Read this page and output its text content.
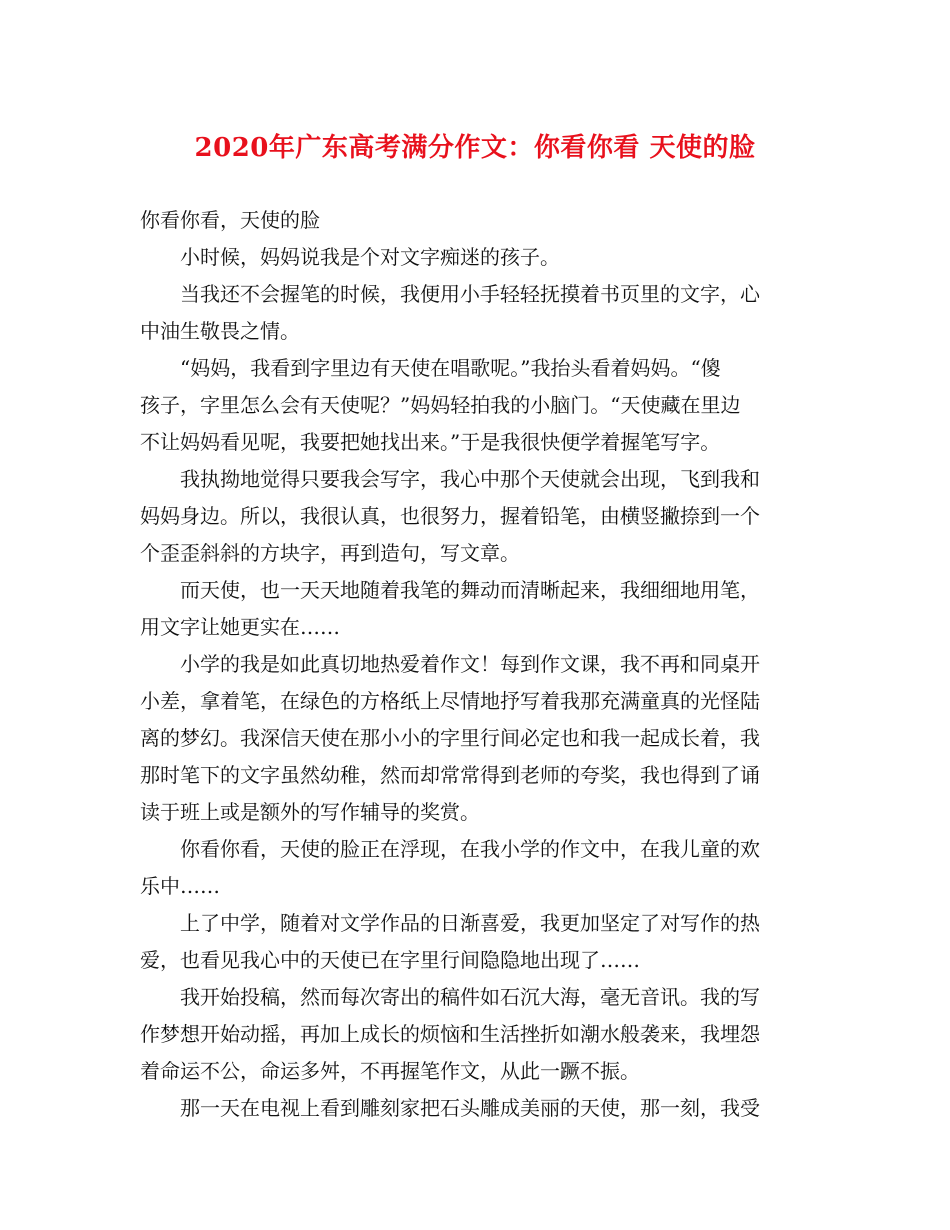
2020年广东高考满分作文：你看你看 天使的脸
你看你看，天使的脸
小时候，妈妈说我是个对文字痴迷的孩子。
当我还不会握笔的时候，我便用小手轻轻抚摸着书页里的文字，心
中油生敬畏之情。
“妈妈，我看到字里边有天使在唱歌呢。”我抬头看着妈妈。“傻
孩子，字里怎么会有天使呢？”妈妈轻拍我的小脑门。“天使藏在里边
不让妈妈看见呢，我要把她找出来。”于是我很快便学着握笔写字。
我执拗地觉得只要我会写字，我心中那个天使就会出现，飞到我和
妈妈身边。所以，我很认真，也很努力，握着铅笔，由横竖撇捺到一个
个歪歪斜斜的方块字，再到造句，写文章。
而天使，也一天天地随着我笔的舞动而清晰起来，我细细地用笔，
用文字让她更实在……
小学的我是如此真切地热爱着作文！每到作文课，我不再和同桌开
小差，拿着笔，在绿色的方格纸上尽情地抒写着我那充满童真的光怪陆
离的梦幻。我深信天使在那小小的字里行间必定也和我一起成长着，我
那时笔下的文字虽然幼稚，然而却常常得到老师的夸奖，我也得到了诵
读于班上或是额外的写作辅导的奖赏。
你看你看，天使的脸正在浮现，在我小学的作文中，在我儿童的欢
乐中……
上了中学，随着对文学作品的日渐喜爱，我更加坚定了对写作的热
爱，也看见我心中的天使已在字里行间隐隐地出现了……
我开始投稿，然而每次寄出的稿件如石沉大海，毫无音讯。我的写
作梦想开始动摇，再加上成长的烦恼和生活挫折如潮水般袭来，我埋怨
着命运不公，命运多舛，不再握笔作文，从此一蹶不振。
那一天在电视上看到雕刻家把石头雕成美丽的天使，那一刻，我受
